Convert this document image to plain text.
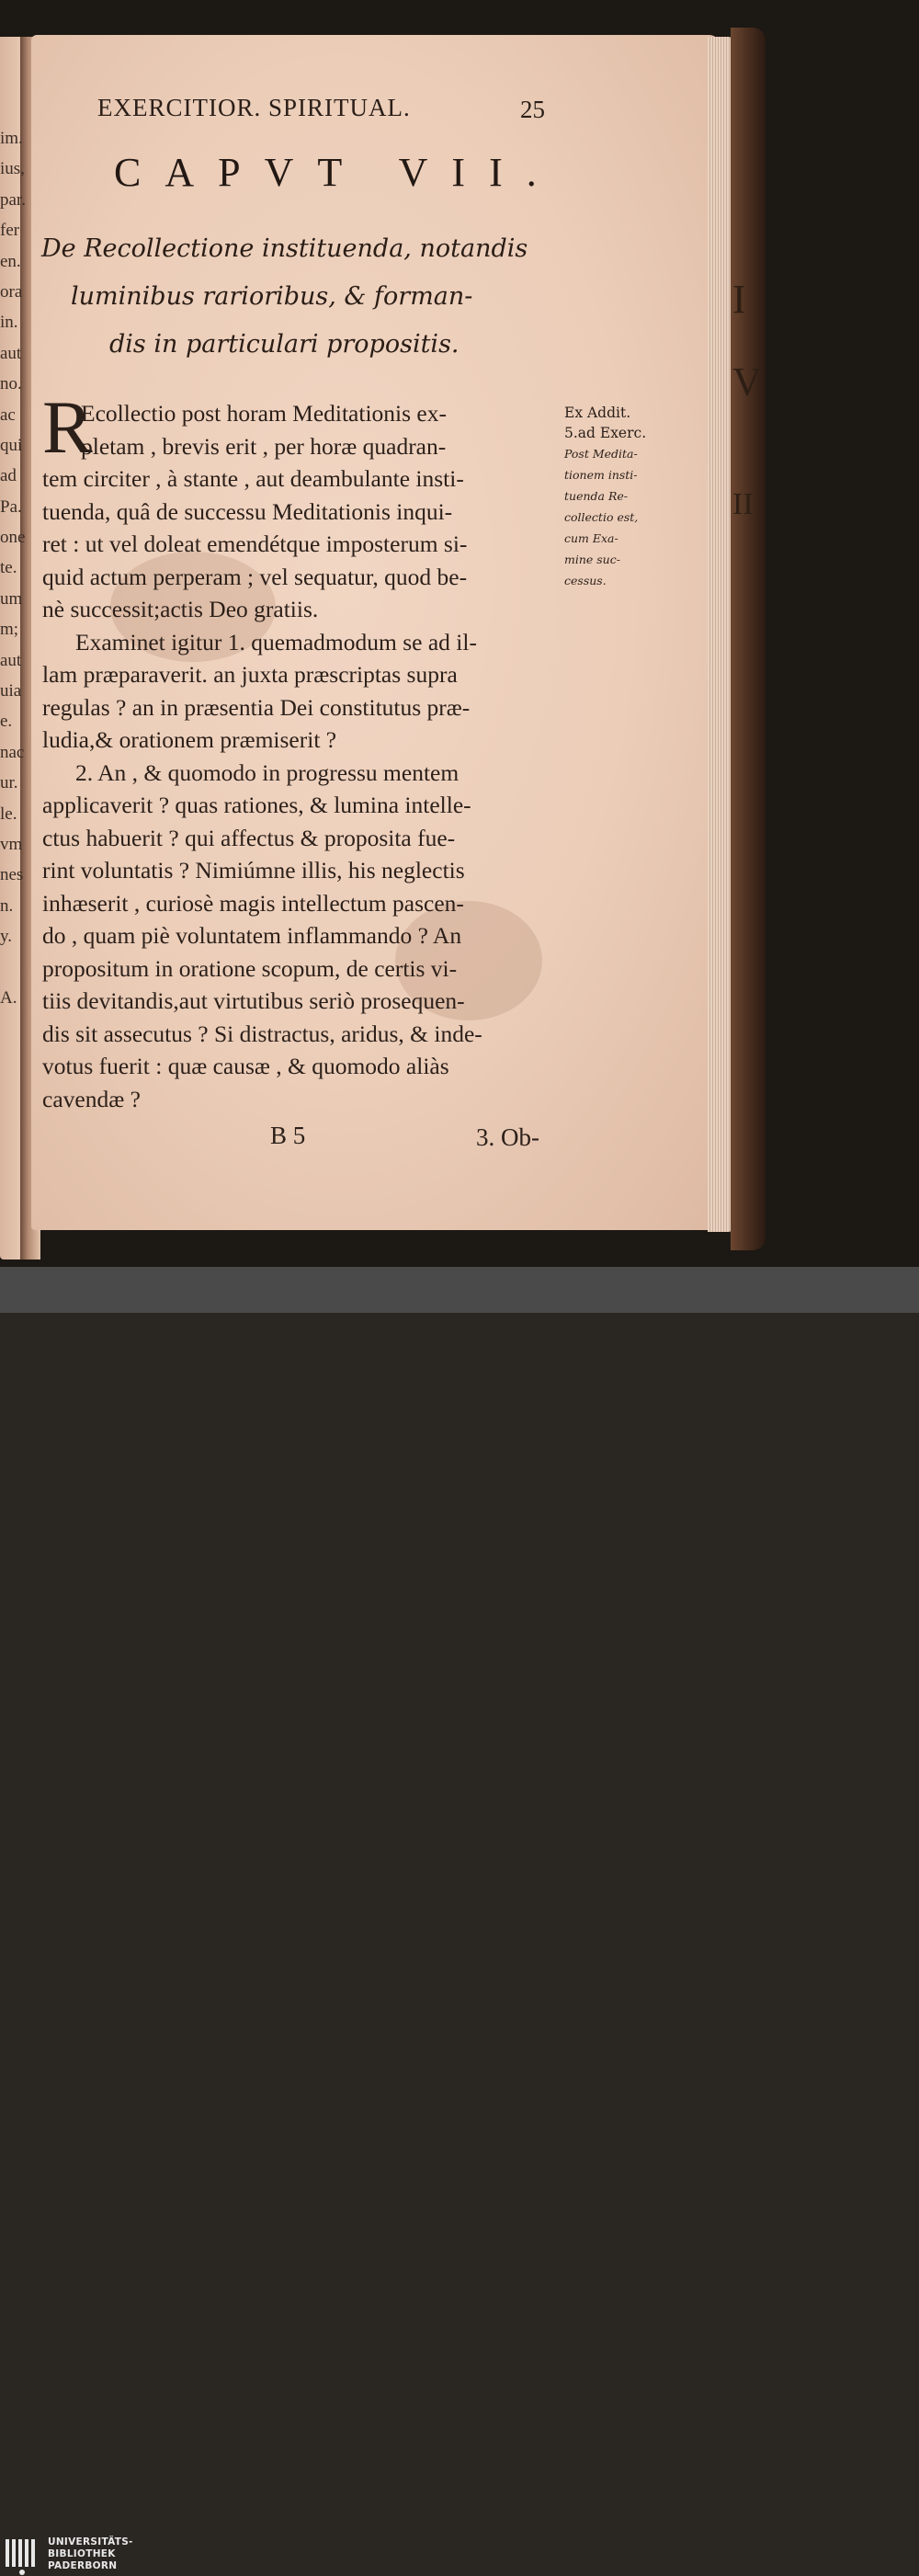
im.
ius,
par.
fer
en.
ora
in.
aut
no.
ac
qui
ad
Pa.
one
te.
um
m;
aut
uia
e.
nac
ur.
le.
vm
nes
n.
y.
A.
I
V
II
EXERCITIOR. SPIRITUAL.	25
CAPVT VII.
De Recollectione instituenda, notandis
luminibus rarioribus, & forman-
dis in particulari propositis.
R
Ecollectio post horam Meditationis ex-
pletam , brevis erit , per horæ quadran-
tem circiter , à stante , aut deambulante insti-
tuenda, quâ de successu Meditationis inqui-
ret : ut vel doleat emendétque imposterum si-
quid actum perperam ; vel sequatur, quod be-
nè successit;actis Deo gratiis.
Examinet igitur 1. quemadmodum se ad il-
lam præparaverit. an juxta præscriptas supra
regulas ? an in præsentia Dei constitutus præ-
ludia,& orationem præmiserit ?
2. An , & quomodo in progressu mentem
applicaverit ? quas rationes, & lumina intelle-
ctus habuerit ? qui affectus & proposita fue-
rint voluntatis ? Nimiúmne illis, his neglectis
inhæserit , curiosè magis intellectum pascen-
do , quam piè voluntatem inflammando ? An
propositum in oratione scopum, de certis vi-
tiis devitandis,aut virtutibus seriò prosequen-
dis sit assecutus ? Si distractus, aridus, & inde-
votus fuerit : quæ causæ , & quomodo aliàs
cavendæ ?
Ex Addit.
5.ad Exerc.
Post Medita-
tionem insti-
tuenda Re-
collectio est,
cum Exa-
mine suc-
cessus.
B 5	3. Ob-
UNIVERSITÄTS-
BIBLIOTHEK
PADERBORN
